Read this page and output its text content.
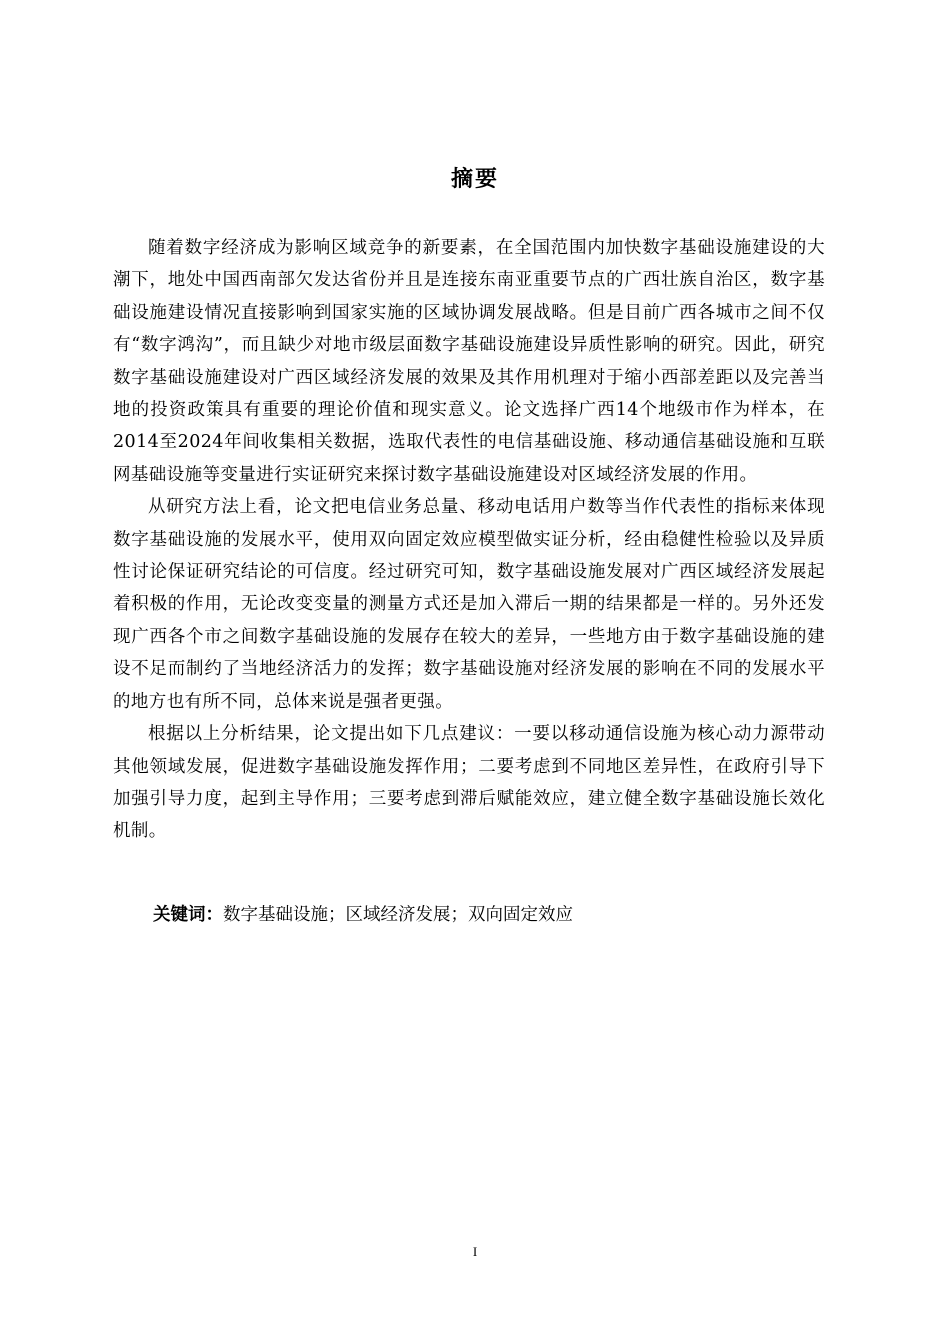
摘要

随着数字经济成为影响区域竞争的新要素，在全国范围内加快数字基础设施建设的大潮下，地处中国西南部欠发达省份并且是连接东南亚重要节点的广西壮族自治区，数字基础设施建设情况直接影响到国家实施的区域协调发展战略。但是目前广西各城市之间不仅有“数字鸿沟”，而且缺少对地市级层面数字基础设施建设异质性影响的研究。因此，研究数字基础设施建设对广西区域经济发展的效果及其作用机理对于缩小西部差距以及完善当地的投资政策具有重要的理论价值和现实意义。论文选择广西14个地级市作为样本，在2014至2024年间收集相关数据，选取代表性的电信基础设施、移动通信基础设施和互联网基础设施等变量进行实证研究来探讨数字基础设施建设对区域经济发展的作用。

从研究方法上看，论文把电信业务总量、移动电话用户数等当作代表性的指标来体现数字基础设施的发展水平，使用双向固定效应模型做实证分析，经由稳健性检验以及异质性讨论保证研究结论的可信度。经过研究可知，数字基础设施发展对广西区域经济发展起着积极的作用，无论改变变量的测量方式还是加入滞后一期的结果都是一样的。另外还发现广西各个市之间数字基础设施的发展存在较大的差异，一些地方由于数字基础设施的建设不足而制约了当地经济活力的发挥；数字基础设施对经济发展的影响在不同的发展水平的地方也有所不同，总体来说是强者更强。

根据以上分析结果，论文提出如下几点建议：一要以移动通信设施为核心动力源带动其他领域发展，促进数字基础设施发挥作用；二要考虑到不同地区差异性，在政府引导下加强引导力度，起到主导作用；三要考虑到滞后赋能效应，建立健全数字基础设施长效化机制。

关键词：数字基础设施；区域经济发展；双向固定效应
I
